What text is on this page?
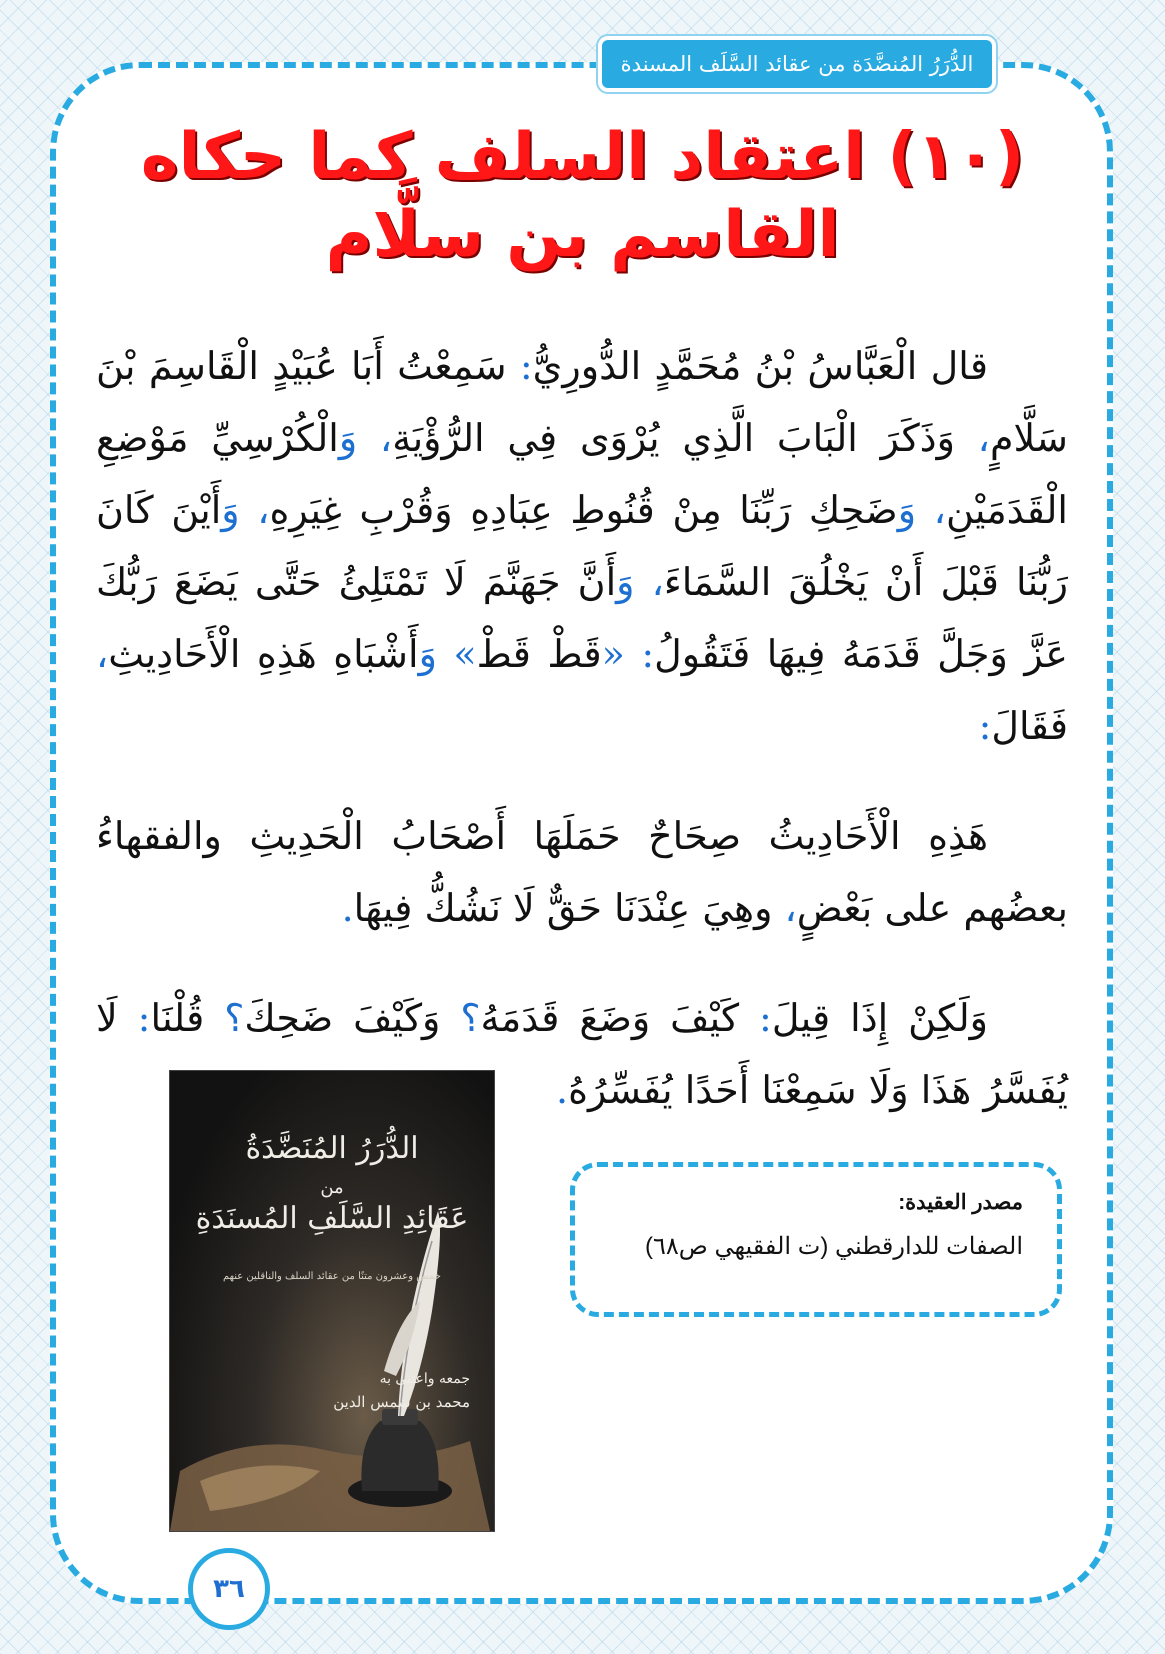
الدُّرَرُ المُنضَّدَة من عقائد السَّلَف المسندة
(١٠) اعتقاد السلف كما حكاه
القاسم بن سلَّام

قال الْعَبَّاسُ بْنُ مُحَمَّدٍ الدُّورِيُّ: سَمِعْتُ أَبَا عُبَيْدٍ الْقَاسِمَ بْنَ سَلَّامٍ، وَذَكَرَ الْبَابَ الَّذِي يُرْوَى فِي الرُّؤْيَةِ، وَالْكُرْسِيِّ مَوْضِعِ الْقَدَمَيْنِ، وَضَحِكِ رَبِّنَا مِنْ قُنُوطِ عِبَادِهِ وَقُرْبِ غِيَرِهِ، وَأَيْنَ كَانَ رَبُّنَا قَبْلَ أَنْ يَخْلُقَ السَّمَاءَ، وَأَنَّ جَهَنَّمَ لَا تَمْتَلِئُ حَتَّى يَضَعَ رَبُّكَ عَزَّ وَجَلَّ قَدَمَهُ فِيهَا فَتَقُولُ: «قَطْ قَطْ» وَأَشْبَاهِ هَذِهِ الْأَحَادِيثِ، فَقَالَ:

هَذِهِ الْأَحَادِيثُ صِحَاحٌ حَمَلَهَا أَصْحَابُ الْحَدِيثِ والفقهاءُ بعضُهم على بَعْضٍ، وهِيَ عِنْدَنَا حَقٌّ لَا نَشُكُّ فِيهَا.

وَلَكِنْ إِذَا قِيلَ: كَيْفَ وَضَعَ قَدَمَهُ؟ وَكَيْفَ ضَحِكَ؟ قُلْنَا: لَا يُفَسَّرُ هَذَا وَلَا سَمِعْنَا أَحَدًا يُفَسِّرُهُ.

الدُّرَرُ المُنَضَّدَةُ
من
عَقَائِدِ السَّلَفِ المُسنَدَةِ
خمس وعشرون متنًا من عقائد السلف والناقلين عنهم
جمعه واعتنى به
محمد بن شمس الدين
مصدر العقيدة:
الصفات للدارقطني (ت الفقيهي ص٦٨)
٣٦
